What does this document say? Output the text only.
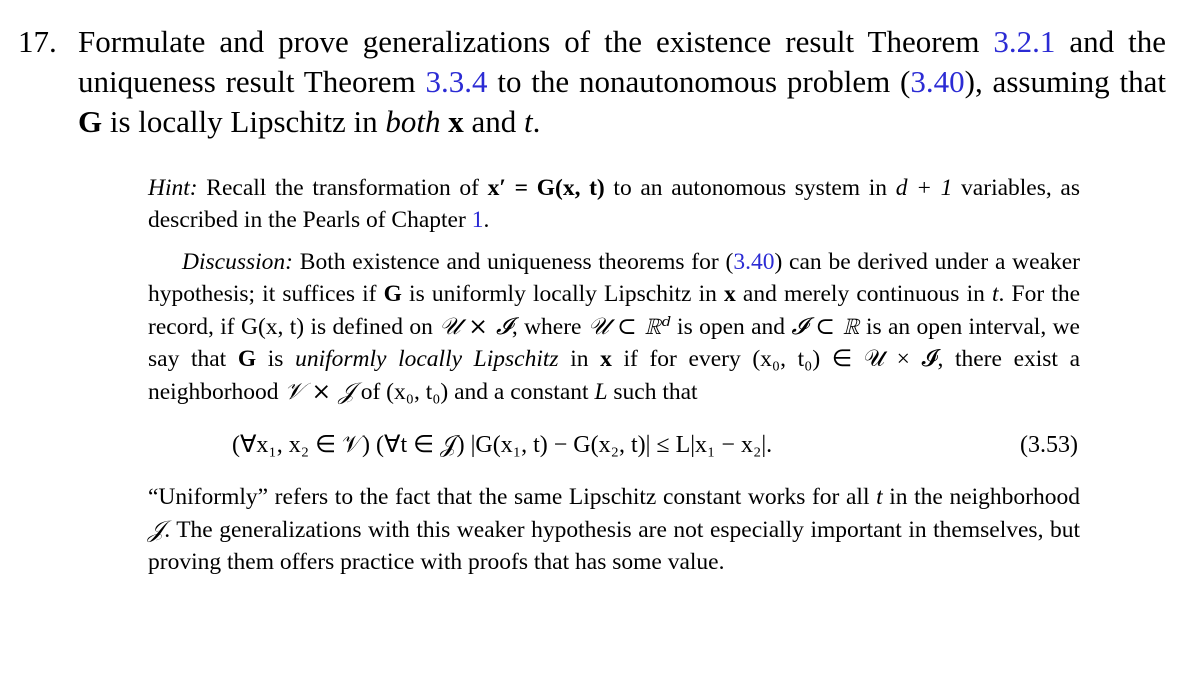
17. Formulate and prove generalizations of the existence result Theorem 3.2.1 and the uniqueness result Theorem 3.3.4 to the nonautonomous problem (3.40), assuming that G is locally Lipschitz in both x and t.

Hint: Recall the transformation of x′ = G(x, t) to an autonomous system in d + 1 variables, as described in the Pearls of Chapter 1.

Discussion: Both existence and uniqueness theorems for (3.40) can be derived under a weaker hypothesis; it suffices if G is uniformly locally Lipschitz in x and merely continuous in t. For the record, if G(x, t) is defined on 𝒰 × 𝓘, where 𝒰 ⊂ ℝᵈ is open and 𝓘 ⊂ ℝ is an open interval, we say that G is uniformly locally Lipschitz in x if for every (x₀, t₀) ∈ 𝒰 × 𝓘, there exist a neighborhood 𝒱 × 𝒥 of (x₀, t₀) and a constant L such that

(∀x₁, x₂ ∈ 𝒱) (∀t ∈ 𝒥) |G(x₁, t) − G(x₂, t)| ≤ L|x₁ − x₂|.	(3.53)

“Uniformly” refers to the fact that the same Lipschitz constant works for all t in the neighborhood 𝒥. The generalizations with this weaker hypothesis are not especially important in themselves, but proving them offers practice with proofs that has some value.
